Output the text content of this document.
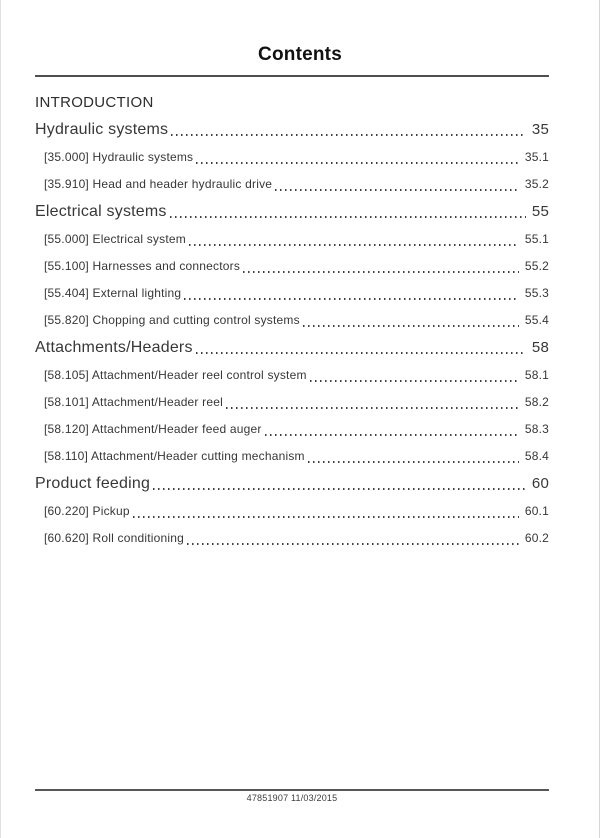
Contents
INTRODUCTION
Hydraulic systems	35
[35.000] Hydraulic systems	35.1
[35.910] Head and header hydraulic drive	35.2
Electrical systems	55
[55.000] Electrical system	55.1
[55.100] Harnesses and connectors	55.2
[55.404] External lighting	55.3
[55.820] Chopping and cutting control systems	55.4
Attachments/Headers	58
[58.105] Attachment/Header reel control system	58.1
[58.101] Attachment/Header reel	58.2
[58.120] Attachment/Header feed auger	58.3
[58.110] Attachment/Header cutting mechanism	58.4
Product feeding	60
[60.220] Pickup	60.1
[60.620] Roll conditioning	60.2
47851907 11/03/2015
